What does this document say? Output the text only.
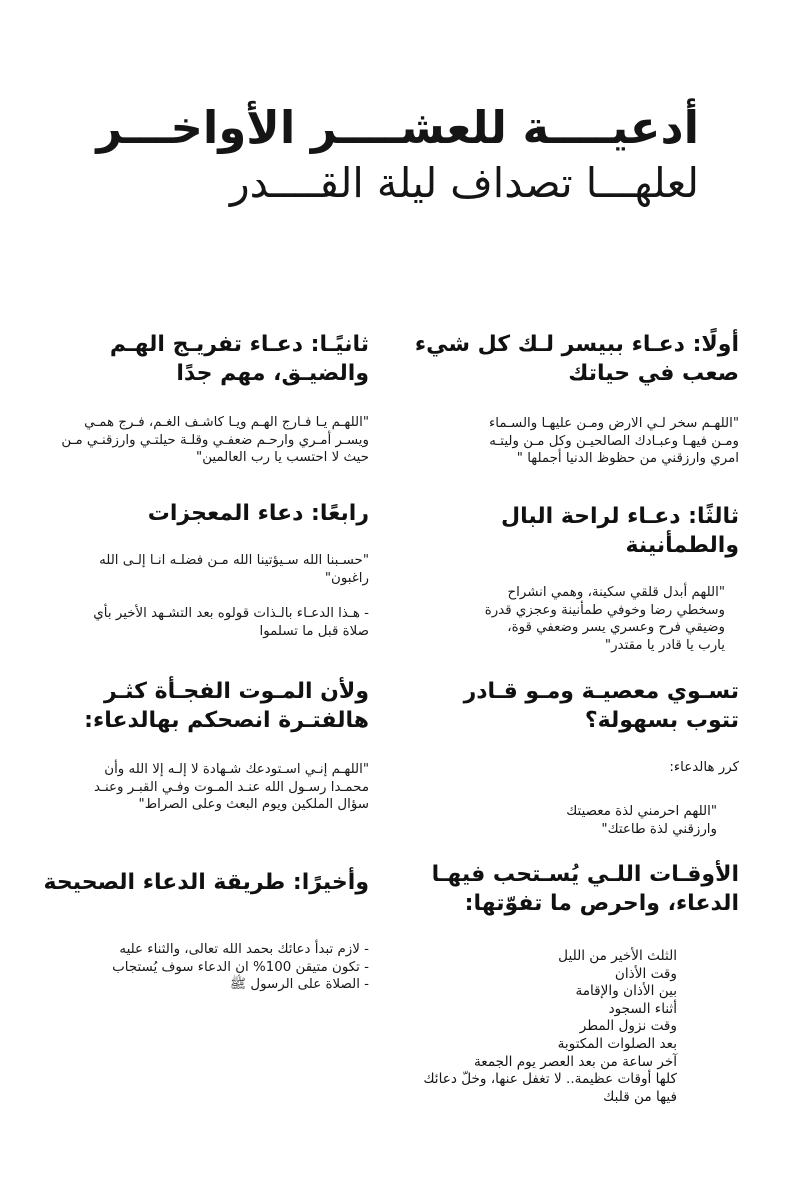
أدعيــــة للعشــــر الأواخـــر
لعلهـــا تصداف ليلة القــــدر
أولًا: دعـاء ببيسر لـك كل شيء صعب في حياتك

"اللهـم سخر لـي الارض ومـن عليهـا والسـماء

ومـن فيهـا وعبـادك الصالحيـن وكل مـن وليتـه

امري وارزقني من حظوظ الدنيا أجملها "

ثانيًـا: دعـاء تفريـج الهـم والضيـق، مهم جدًا

"اللهـم يـا فـارج الهـم ويـا كاشـف الغـم، فـرج همـي

ويسـر أمـري وارحـم ضعفـي وقلـة حيلتـي وارزقنـي مـن

حيث لا احتسب يا رب العالمين"

ثالثًا: دعـاء لراحة البال والطمأنينة

"اللهم أبدل قلقي سكينة، وهمي انشراح

وسخطي رضا وخوفي طمأنينة وعجزي قدرة

وضيقي فرح وعسري يسر وضعفي قوة،

يارب يا قادر يا مقتدر"

رابعًا: دعاء المعجزات

"حسـبنا الله سـيؤتينا الله مـن فضلـه انـا إلـى الله

راغبون"

- هـذا الدعـاء بالـذات قولوه بعد التشـهد الأخير بأي

صلاة قبل ما تسلموا

تسـوي معصيـة ومـو قـادر تتوب بسهولة؟
كرر هالدعاء:

"اللهم احرمني لذة معصيتك

وارزقني لذة طاعتك"

ولأن المـوت الفجـأة كثـر هالفتـرة انصحكم بهالدعاء:

"اللهـم إنـي اسـتودعك شـهادة لا إلـه إلا الله وأن

محمـدا رسـول الله عنـد المـوت وفـي القبـر وعنـد

سؤال الملكين ويوم البعث وعلى الصراط"

الأوقـات اللـي يُسـتحب فيهـا الدعاء، واحرص ما تفوّتها:
الثلث الأخير من الليل
وقت الأذان
بين الأذان والإقامة
أثناء السجود
وقت نزول المطر
بعد الصلوات المكتوبة
آخر ساعة من بعد العصر يوم الجمعة
كلها أوقات عظيمة.. لا تغفل عنها، وخلّ دعائك
فيها من قلبك
وأخيرًا: طريقة الدعاء الصحيحة

- لازم تبدأ دعائك بحمد الله تعالى، والثناء عليه

- تكون متيقن 100% ان الدعاء سوف يُستجاب

- الصلاة على الرسول ﷺ
